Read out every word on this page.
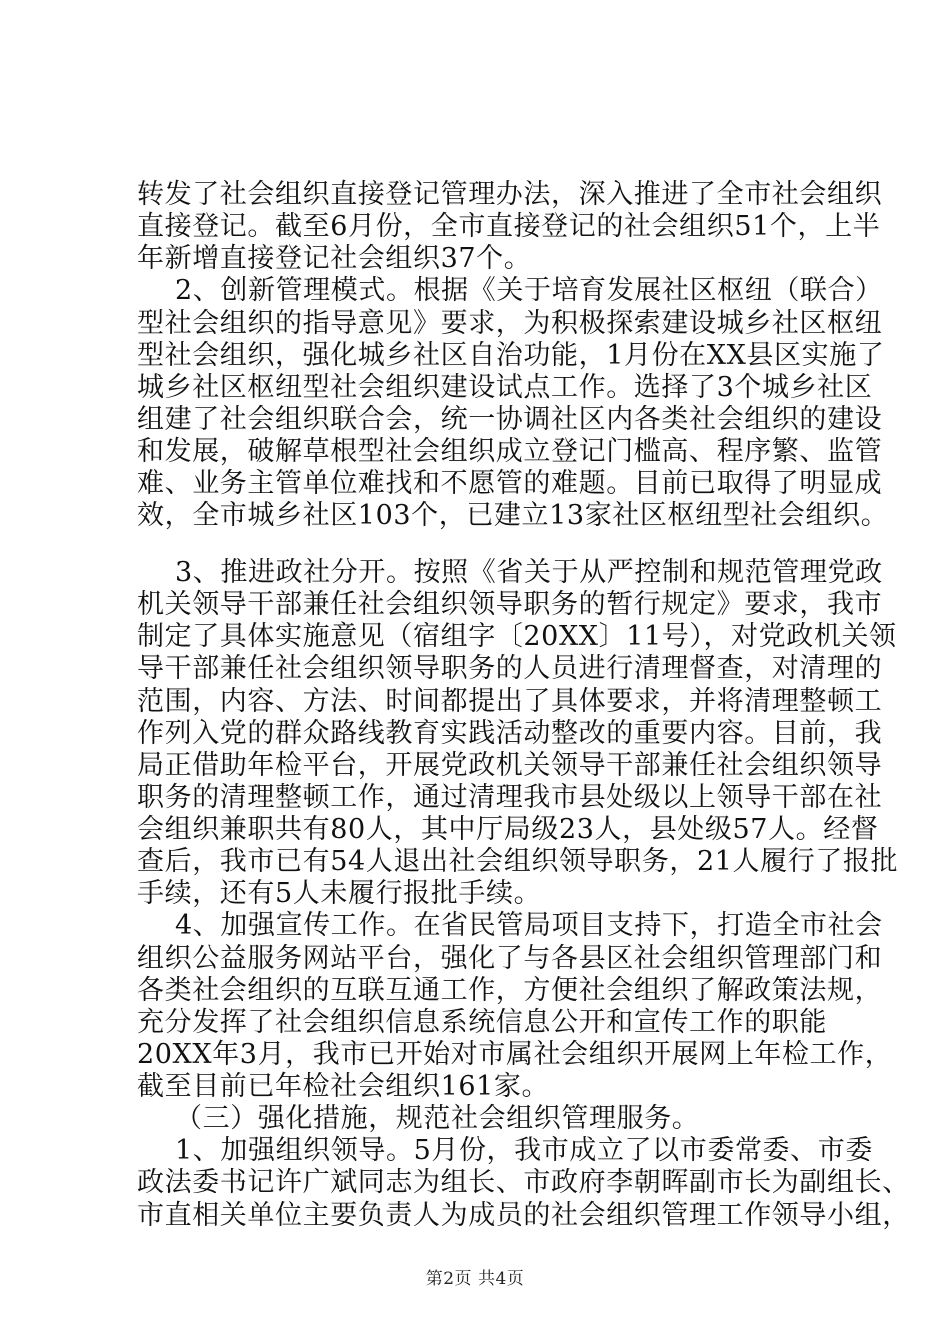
转发了社会组织直接登记管理办法，深入推进了全市社会组织
直接登记。截至6月份，全市直接登记的社会组织51个，上半
年新增直接登记社会组织37个。
2、创新管理模式。根据《关于培育发展社区枢纽（联合）
型社会组织的指导意见》要求，为积极探索建设城乡社区枢纽
型社会组织，强化城乡社区自治功能，1月份在XX县区实施了
城乡社区枢纽型社会组织建设试点工作。选择了3个城乡社区
组建了社会组织联合会，统一协调社区内各类社会组织的建设
和发展，破解草根型社会组织成立登记门槛高、程序繁、监管
难、业务主管单位难找和不愿管的难题。目前已取得了明显成
效，全市城乡社区103个，已建立13家社区枢纽型社会组织。
3、推进政社分开。按照《省关于从严控制和规范管理党政
机关领导干部兼任社会组织领导职务的暂行规定》要求，我市
制定了具体实施意见（宿组字〔20XX〕11号），对党政机关领
导干部兼任社会组织领导职务的人员进行清理督查，对清理的
范围，内容、方法、时间都提出了具体要求，并将清理整顿工
作列入党的群众路线教育实践活动整改的重要内容。目前，我
局正借助年检平台，开展党政机关领导干部兼任社会组织领导
职务的清理整顿工作，通过清理我市县处级以上领导干部在社
会组织兼职共有80人，其中厅局级23人，县处级57人。经督
查后，我市已有54人退出社会组织领导职务，21人履行了报批
手续，还有5人未履行报批手续。
4、加强宣传工作。在省民管局项目支持下，打造全市社会
组织公益服务网站平台，强化了与各县区社会组织管理部门和
各类社会组织的互联互通工作，方便社会组织了解政策法规，
充分发挥了社会组织信息系统信息公开和宣传工作的职能
20XX年3月，我市已开始对市属社会组织开展网上年检工作，
截至目前已年检社会组织161家。
（三）强化措施，规范社会组织管理服务。
1、加强组织领导。5月份，我市成立了以市委常委、市委
政法委书记许广斌同志为组长、市政府李朝晖副市长为副组长、
第2页 共4页
市直相关单位主要负责人为成员的社会组织管理工作领导小组，
